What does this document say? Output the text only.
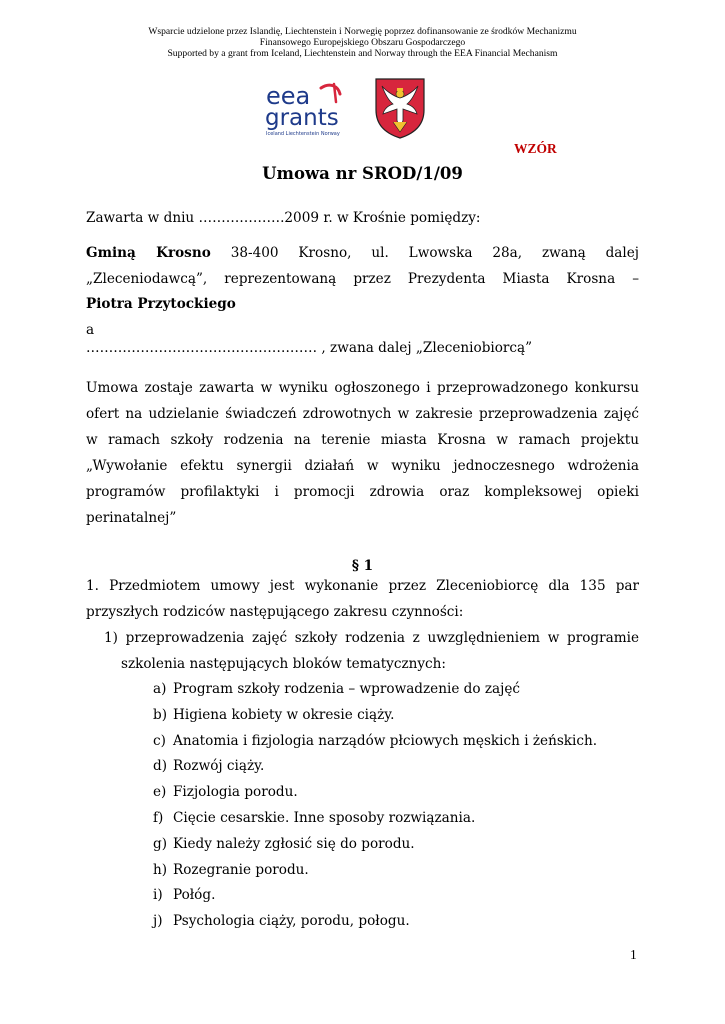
Wsparcie udzielone przez Islandię, Liechtenstein i Norwegię poprzez dofinansowanie ze środków Mechanizmu
Finansowego Europejskiego Obszaru Gospodarczego
Supported by a grant from Iceland, Liechtenstein and Norway through the EEA Financial Mechanism
eea
grants
Iceland Liechtenstein Norway
WZÓR
Umowa nr SROD/1/09
Zawarta w dniu ……………….2009 r. w Krośnie pomiędzy:
Gminą Krosno 38-400 Krosno, ul. Lwowska 28a, zwaną dalej
„Zleceniodawcą”, reprezentowaną przez Prezydenta Miasta Krosna –
Piotra Przytockiego
a
…………………………………………… , zwana dalej „Zleceniobiorcą”
Umowa zostaje zawarta w wyniku ogłoszonego i przeprowadzonego konkursu
ofert na udzielanie świadczeń zdrowotnych w zakresie przeprowadzenia zajęć
w ramach szkoły rodzenia na terenie miasta Krosna w ramach projektu
„Wywołanie efektu synergii działań w wyniku jednoczesnego wdrożenia
programów profilaktyki i promocji zdrowia oraz kompleksowej opieki
perinatalnej”
§ 1
1. Przedmiotem umowy jest wykonanie przez Zleceniobiorcę dla 135 par
przyszłych rodziców następującego zakresu czynności:
1) przeprowadzenia zajęć szkoły rodzenia z uwzględnieniem w programie
szkolenia następujących bloków tematycznych:
a) Program szkoły rodzenia – wprowadzenie do zajęć
b) Higiena kobiety w okresie ciąży.
c) Anatomia i fizjologia narządów płciowych męskich i żeńskich.
d) Rozwój ciąży.
e) Fizjologia porodu.
f) Cięcie cesarskie. Inne sposoby rozwiązania.
g) Kiedy należy zgłosić się do porodu.
h) Rozegranie porodu.
i) Połóg.
j) Psychologia ciąży, porodu, połogu.
1
